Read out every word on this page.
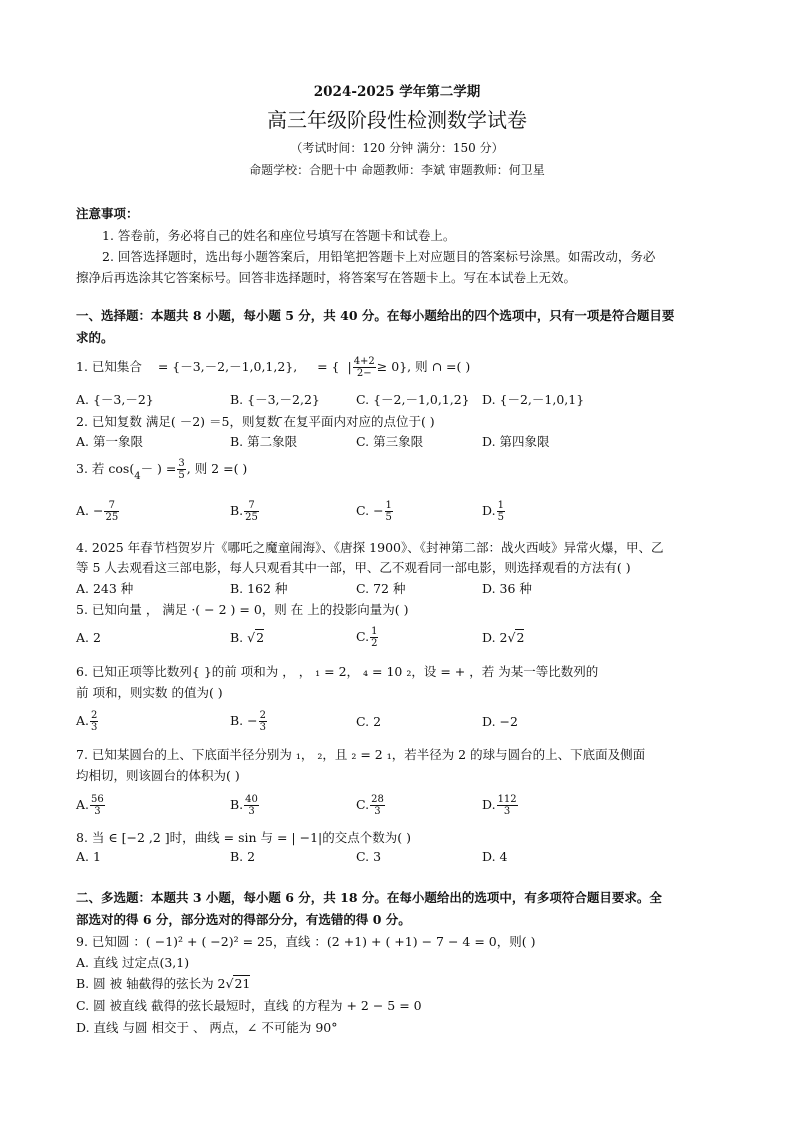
2024-2025 学年第二学期
高三年级阶段性检测数学试卷
（考试时间：120 分钟 满分：150 分）
命题学校：合肥十中 命题教师：李斌 审题教师：何卫星
注意事项：
1. 答卷前，务必将自己的姓名和座位号填写在答题卡和试卷上。
2. 回答选择题时，选出每小题答案后，用铅笔把答题卡上对应题目的答案标号涂黑。如需改动，务必
擦净后再选涂其它答案标号。回答非选择题时，将答案写在答题卡上。写在本试卷上无效。
一、选择题：本题共 8 小题，每小题 5 分，共 40 分。在每小题给出的四个选项中，只有一项是符合题目要
求的。
1. 已知集合 = {－3,－2,－1,0,1,2}, = {  | $\frac{4+2}{2-} \ge 0$}, 则 ∩ =( )
A. {－3,－2}	B. {－3,－2,2}	C. {－2,－1,0,1,2} D. {－2,－1,0,1}
2. 已知复数 满足( －2) ＝5，则复数 ̄在复平面内对应的点位于( )
A. 第一象限	B. 第二象限	C. 第三象限	D. 第四象限
3. 若 $\cos(_4-$ ) = $\frac{3}{5}$ , 则 2 =( )
A. − $\frac{7}{25}$	B. $\frac{7}{25}$	C. − $\frac{1}{5}$	D. $\frac{1}{5}$
4. 2025 年春节档贺岁片《哪吒之魔童闹海》、《唐探 1900》、《封神第二部：战火西岐》异常火爆，甲、乙
等 5 人去观看这三部电影，每人只观看其中一部，甲、乙不观看同一部电影，则选择观看的方法有( )
A. 243 种	B. 162 种	C. 72 种	D. 36 种
5. 已知向量 ， 满足 ·( − 2 ) = 0，则 在 上的投影向量为( )
A. 2	B. √2	C. $\frac{1}{2}$	D. 2√2
6. 已知正项等比数列{ }的前 项和为 ， ， ₁ = 2， ₄ = 10 ₂，设 = + ，若 为某一等比数列的
前 项和，则实数 的值为( )
A. $\frac{2}{3}$	B. − $\frac{2}{3}$	C. 2	D. −2
7. 已知某圆台的上、下底面半径分别为 ₁， ₂，且 ₂ = 2 ₁，若半径为 2 的球与圆台的上、下底面及侧面
均相切，则该圆台的体积为( )
A. $\frac{56}{3}$	B. $\frac{40}{3}$	C. $\frac{28}{3}$	D. $\frac{112}{3}$
8. 当 ∈ [−2 ,2 ]时，曲线 = sin 与 = | −1|的交点个数为( )
A. 1	B. 2	C. 3	D. 4
二、多选题：本题共 3 小题，每小题 6 分，共 18 分。在每小题给出的选项中，有多项符合题目要求。全
部选对的得 6 分，部分选对的得部分分，有选错的得 0 分。
9. 已知圆 ：( −1)² + ( −2)² = 25，直线 ：(2 +1) + ( +1) − 7 − 4 = 0，则( )
A. 直线 过定点(3,1)
B. 圆 被 轴截得的弦长为 2√21
C. 圆 被直线 截得的弦长最短时，直线 的方程为 + 2 − 5 = 0
D. 直线 与圆 相交于 、 两点，∠ 不可能为 90°
